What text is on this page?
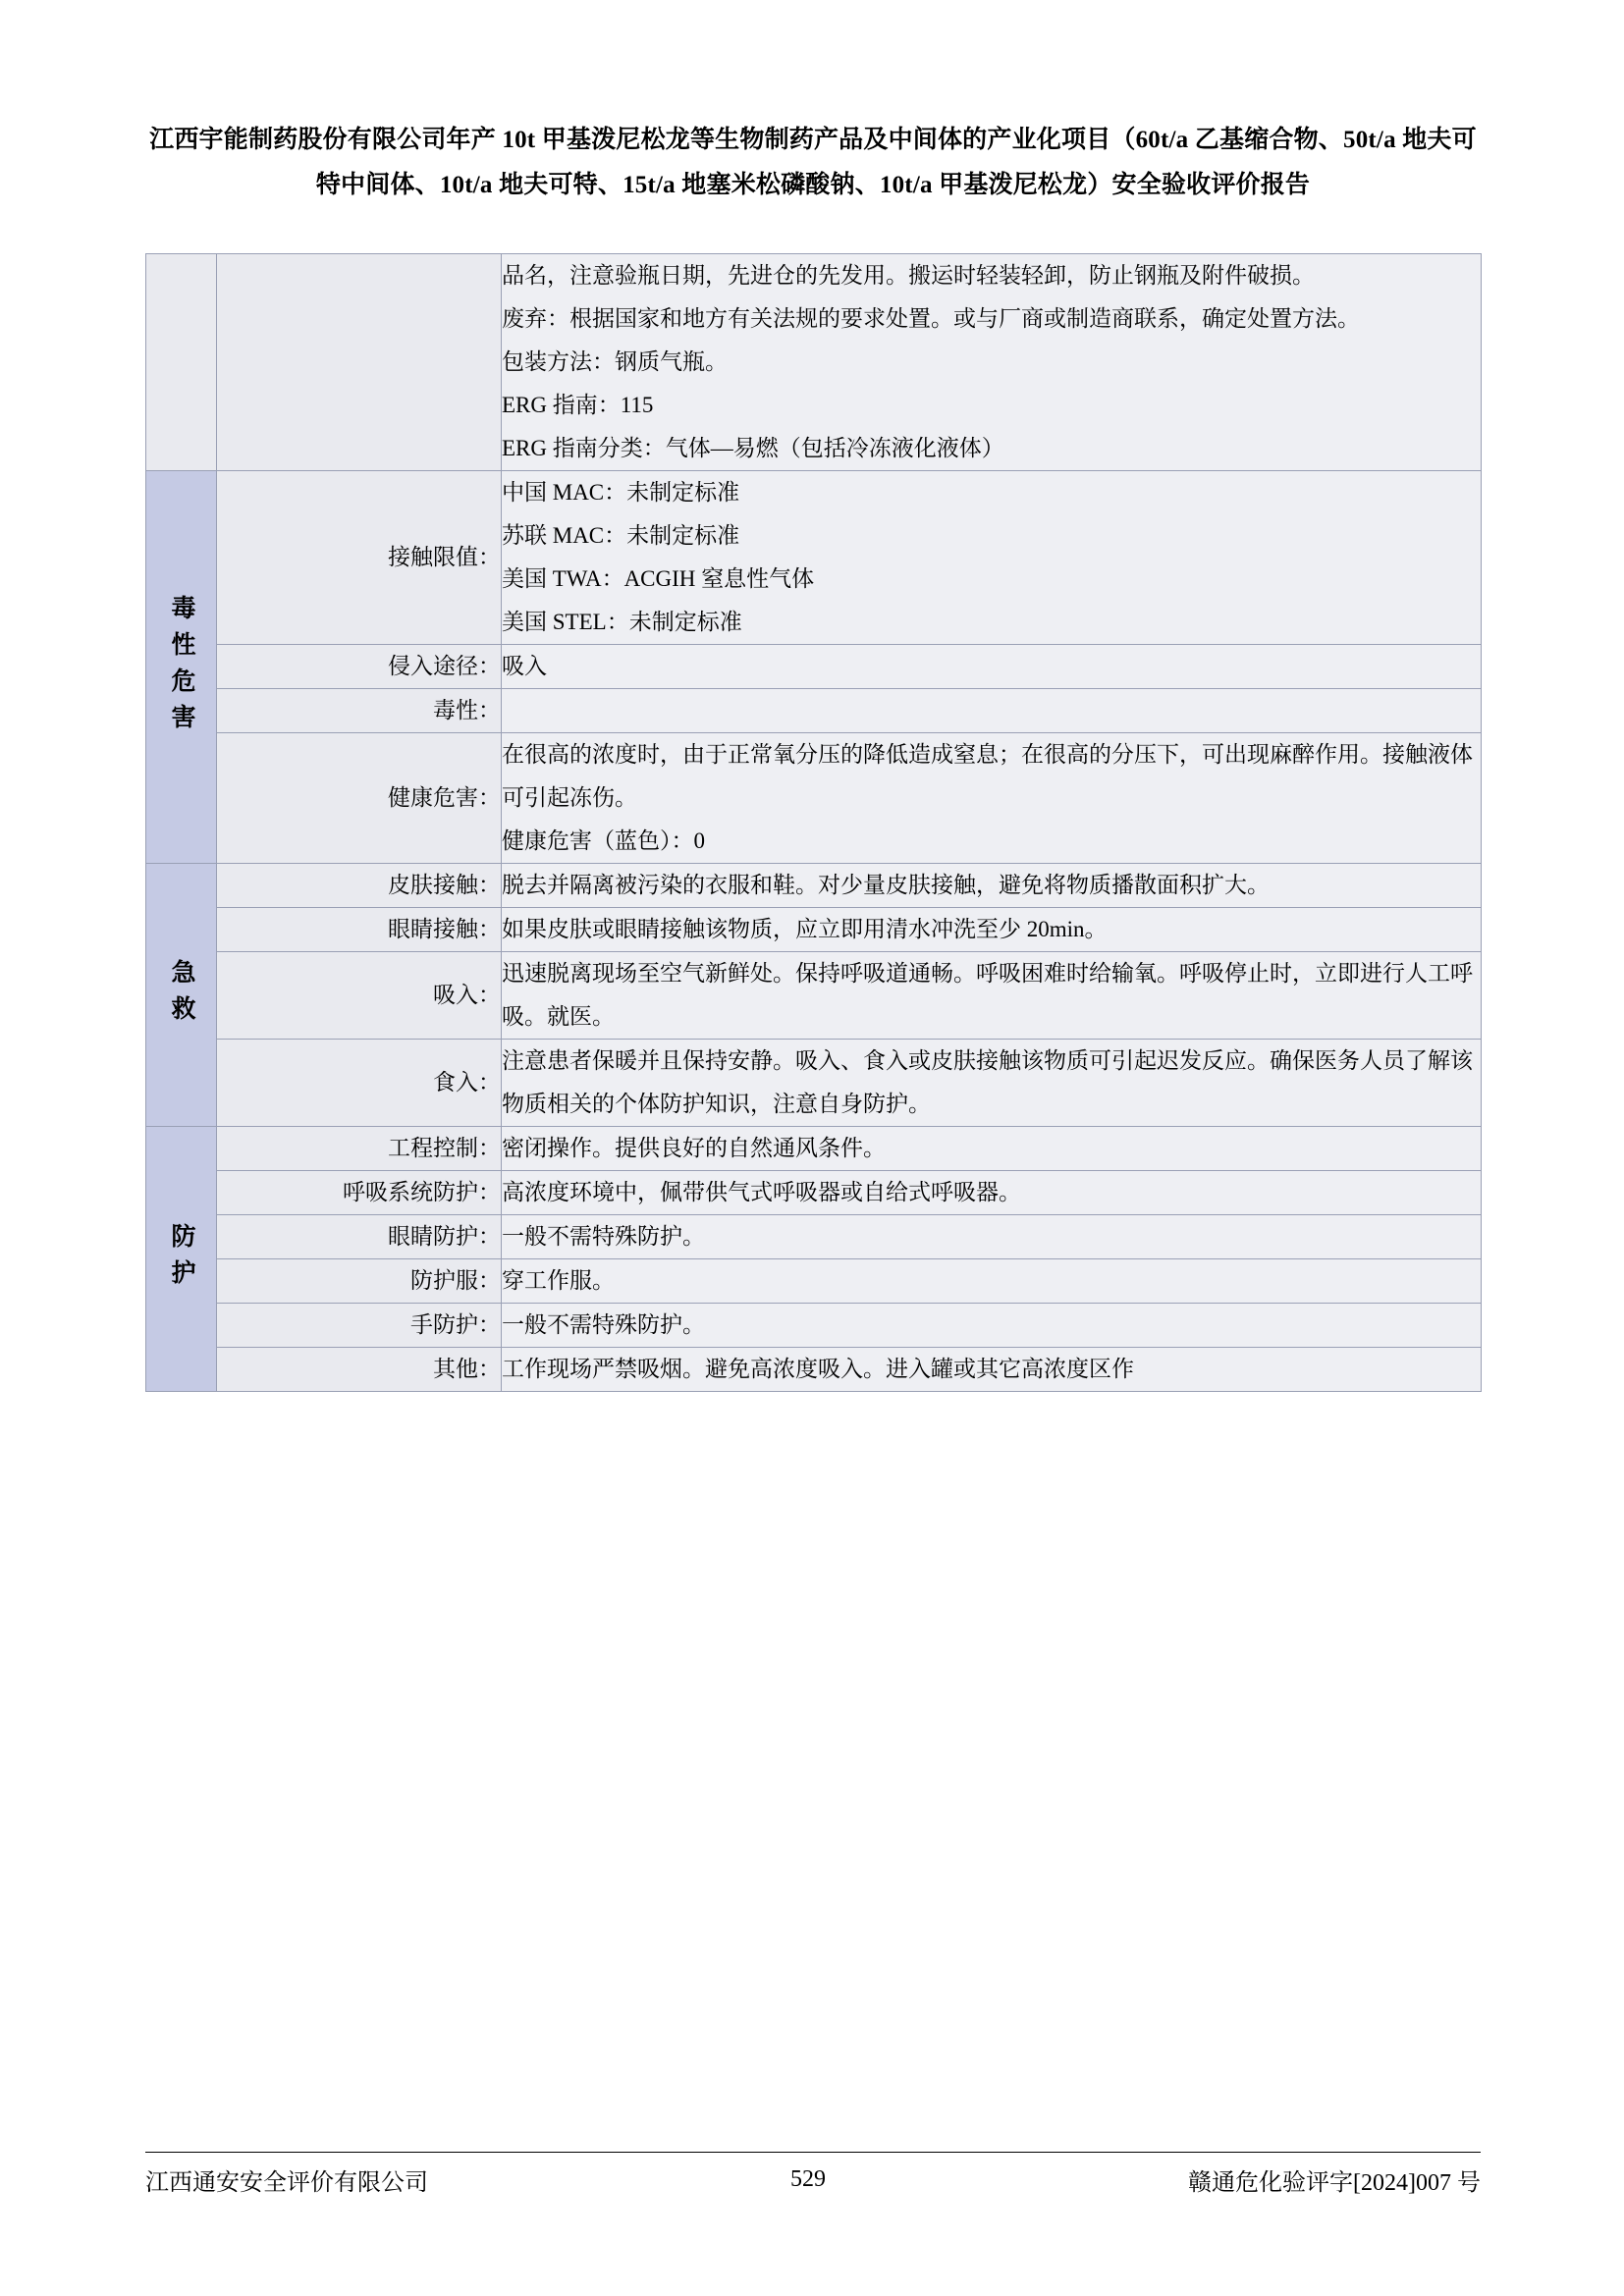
江西宇能制药股份有限公司年产 10t 甲基泼尼松龙等生物制药产品及中间体的产业化项目（60t/a 乙基缩合物、50t/a 地夫可特中间体、10t/a 地夫可特、15t/a 地塞米松磷酸钠、10t/a 甲基泼尼松龙）安全验收评价报告

		品名，注意验瓶日期，先进仓的先发用。搬运时轻装轻卸，防止钢瓶及附件破损。

废弃：根据国家和地方有关法规的要求处置。或与厂商或制造商联系，确定处置方法。

包装方法：钢质气瓶。

ERG 指南：115

ERG 指南分类：气体—易燃（包括冷冻液化液体）

毒性危害	接触限值：	中国 MAC：未制定标准

苏联 MAC：未制定标准

美国 TWA：ACGIH 窒息性气体

美国 STEL：未制定标准

	侵入途径：	吸入

	毒性：	

	健康危害：	在很高的浓度时，由于正常氧分压的降低造成窒息；在很高的分压下，可出现麻醉作用。接触液体可引起冻伤。

健康危害（蓝色）：0

急救	皮肤接触：	脱去并隔离被污染的衣服和鞋。对少量皮肤接触，避免将物质播散面积扩大。

	眼睛接触：	如果皮肤或眼睛接触该物质，应立即用清水冲洗至少 20min。

	吸入：	迅速脱离现场至空气新鲜处。保持呼吸道通畅。呼吸困难时给输氧。呼吸停止时，立即进行人工呼吸。就医。

	食入：	注意患者保暖并且保持安静。吸入、食入或皮肤接触该物质可引起迟发反应。确保医务人员了解该物质相关的个体防护知识，注意自身防护。

防护	工程控制：	密闭操作。提供良好的自然通风条件。

	呼吸系统防护：	高浓度环境中，佩带供气式呼吸器或自给式呼吸器。

	眼睛防护：	一般不需特殊防护。

	防护服：	穿工作服。

	手防护：	一般不需特殊防护。

	其他：	工作现场严禁吸烟。避免高浓度吸入。进入罐或其它高浓度区作

江西通安安全评价有限公司	529	赣通危化验评字[2024]007 号
